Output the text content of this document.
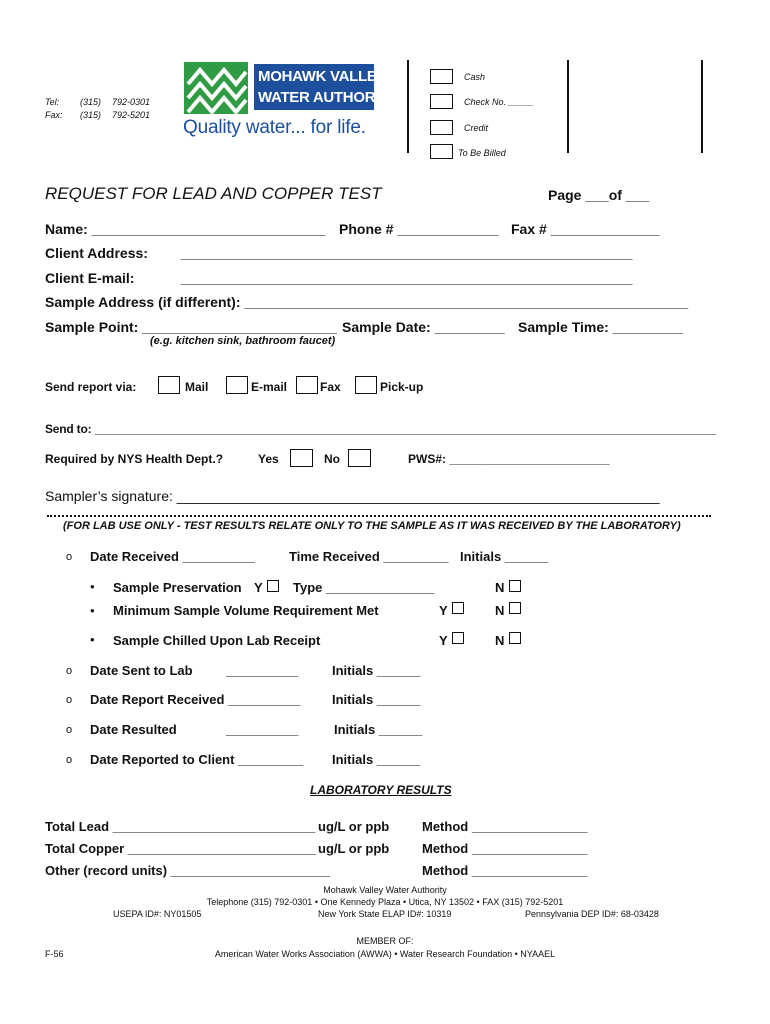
Tel: (315) 792-0301
Fax: (315) 792-5201
MOHAWK VALLEY
WATER AUTHORITY
Quality water... for life.
Cash
Check No. _____
Credit
To Be Billed
REQUEST FOR LEAD AND COPPER TEST	Page ___of ___
Name: ______________________________ Phone # _____________ Fax # ______________
Client Address: __________________________________________________________
Client E-mail:	__________________________________________________________
Sample Address (if different): _________________________________________________________
Sample Point: _________________________ Sample Date: _________ Sample Time: _________
(e.g. kitchen sink, bathroom faucet)
Send report via:	Mail	E-mail	Fax	Pick-up
Send to: ________________________________________________________________________________________________
Required by NYS Health Dept.?	Yes	No	PWS#: ________________________
Sampler’s signature: ______________________________________________________________
(FOR LAB USE ONLY - TEST RESULTS RELATE ONLY TO THE SAMPLE AS IT WAS RECEIVED BY THE LABORATORY)
o Date Received __________	Time Received _________ Initials ______
• Sample Preservation Y Type _______________	N
• Minimum Sample Volume Requirement Met	Y	N
• Sample Chilled Upon Lab Receipt	Y	N
o Date Sent to Lab	__________	Initials ______
o Date Report Received __________ Initials ______
o Date Resulted	__________	Initials ______
o Date Reported to Client _________ Initials ______
LABORATORY RESULTS
Total Lead ____________________________ ug/L or ppb	Method ________________
Total Copper __________________________ ug/L or ppb	Method ________________
Other (record units) ______________________	Method ________________
Mohawk Valley Water Authority
Telephone (315) 792-0301 • One Kennedy Plaza • Utica, NY 13502 • FAX (315) 792-5201
USEPA ID#: NY01505	New York State ELAP ID#: 10319	Pennsylvania DEP ID#: 68-03428
MEMBER OF:
American Water Works Association (AWWA) • Water Research Foundation • NYAAEL
F-56
